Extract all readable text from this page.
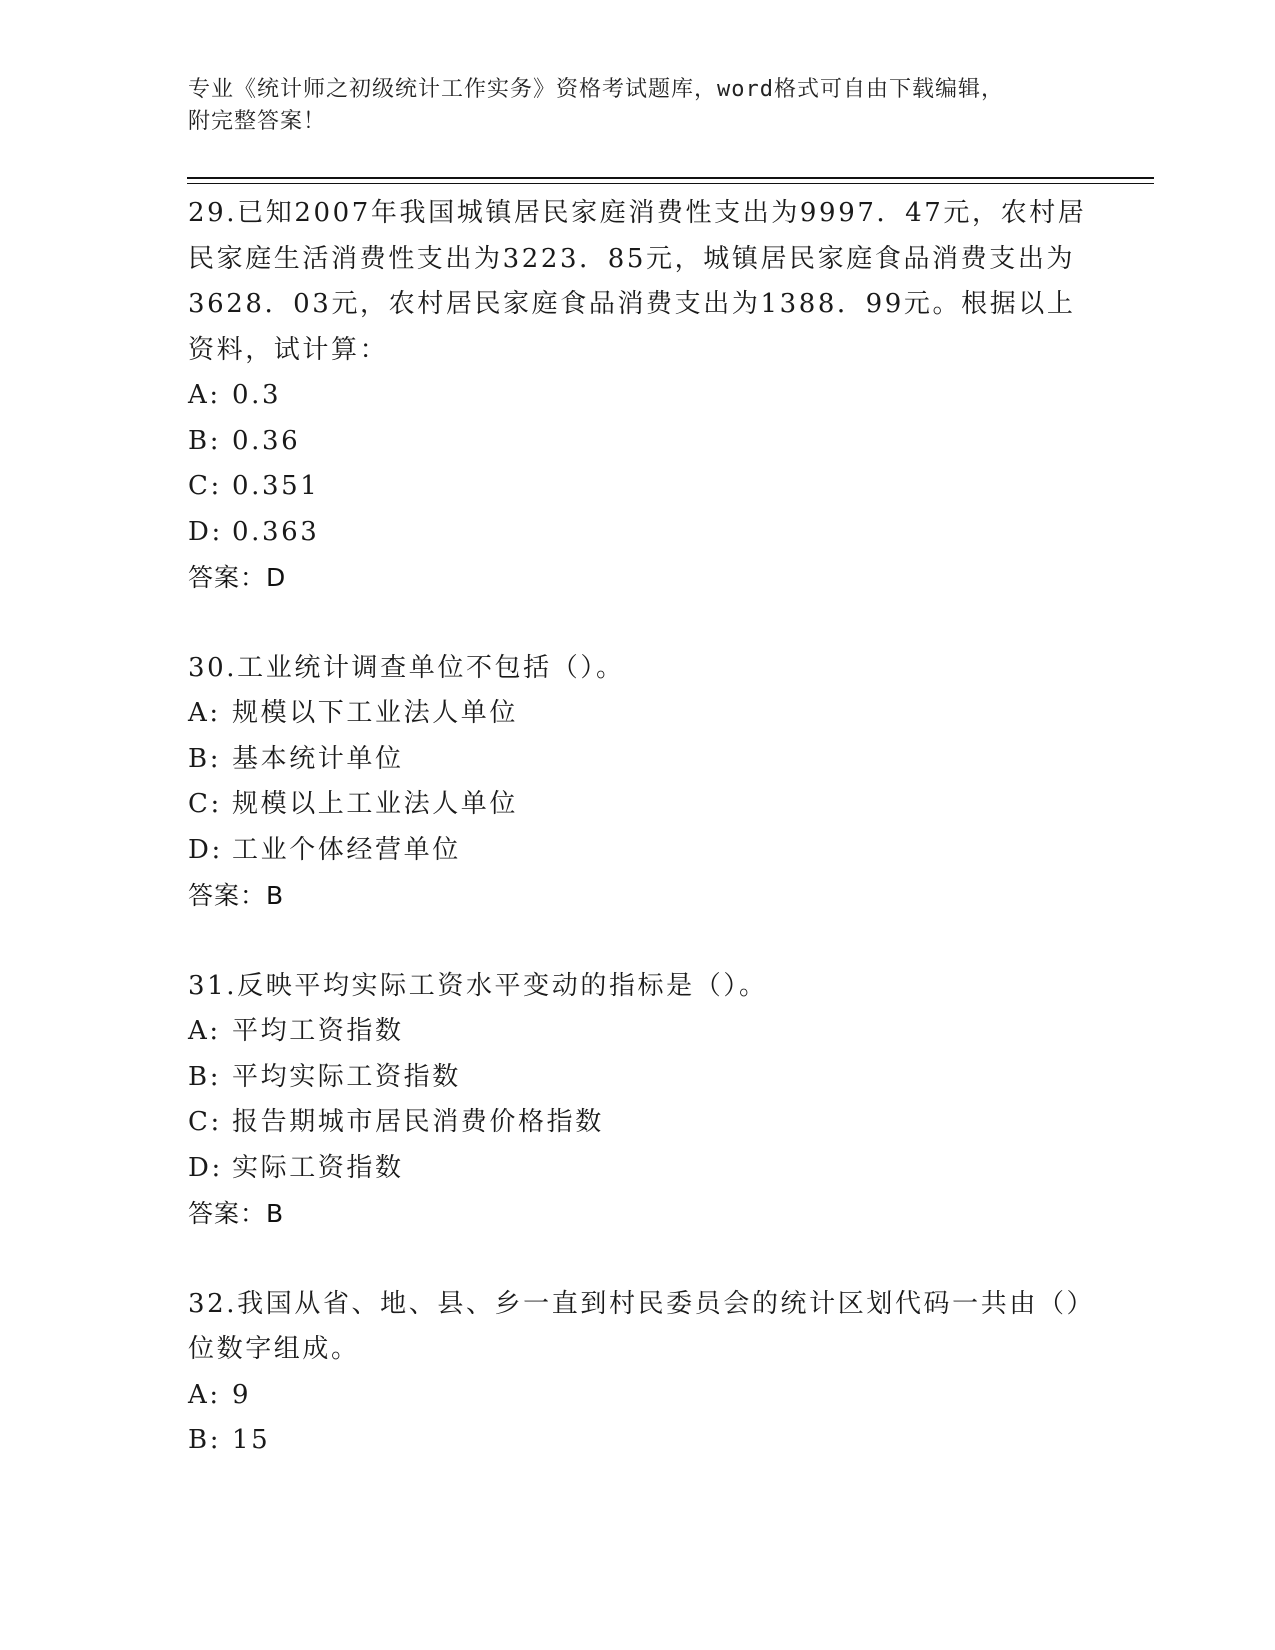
专业《统计师之初级统计工作实务》资格考试题库，word格式可自由下载编辑，
附完整答案！

29.已知2007年我国城镇居民家庭消费性支出为9997．47元，农村居民家庭生活消费性支出为3223．85元，城镇居民家庭食品消费支出为3628．03元，农村居民家庭食品消费支出为1388．99元。根据以上资料，试计算：

A: 0.3

B: 0.36

C: 0.351

D: 0.363

答案：D

30.工业统计调查单位不包括（）。

A: 规模以下工业法人单位

B: 基本统计单位

C: 规模以上工业法人单位

D: 工业个体经营单位

答案：B

31.反映平均实际工资水平变动的指标是（）。

A: 平均工资指数

B: 平均实际工资指数

C: 报告期城市居民消费价格指数

D: 实际工资指数

答案：B

32.我国从省、地、县、乡一直到村民委员会的统计区划代码一共由（）位数字组成。

A: 9

B: 15
